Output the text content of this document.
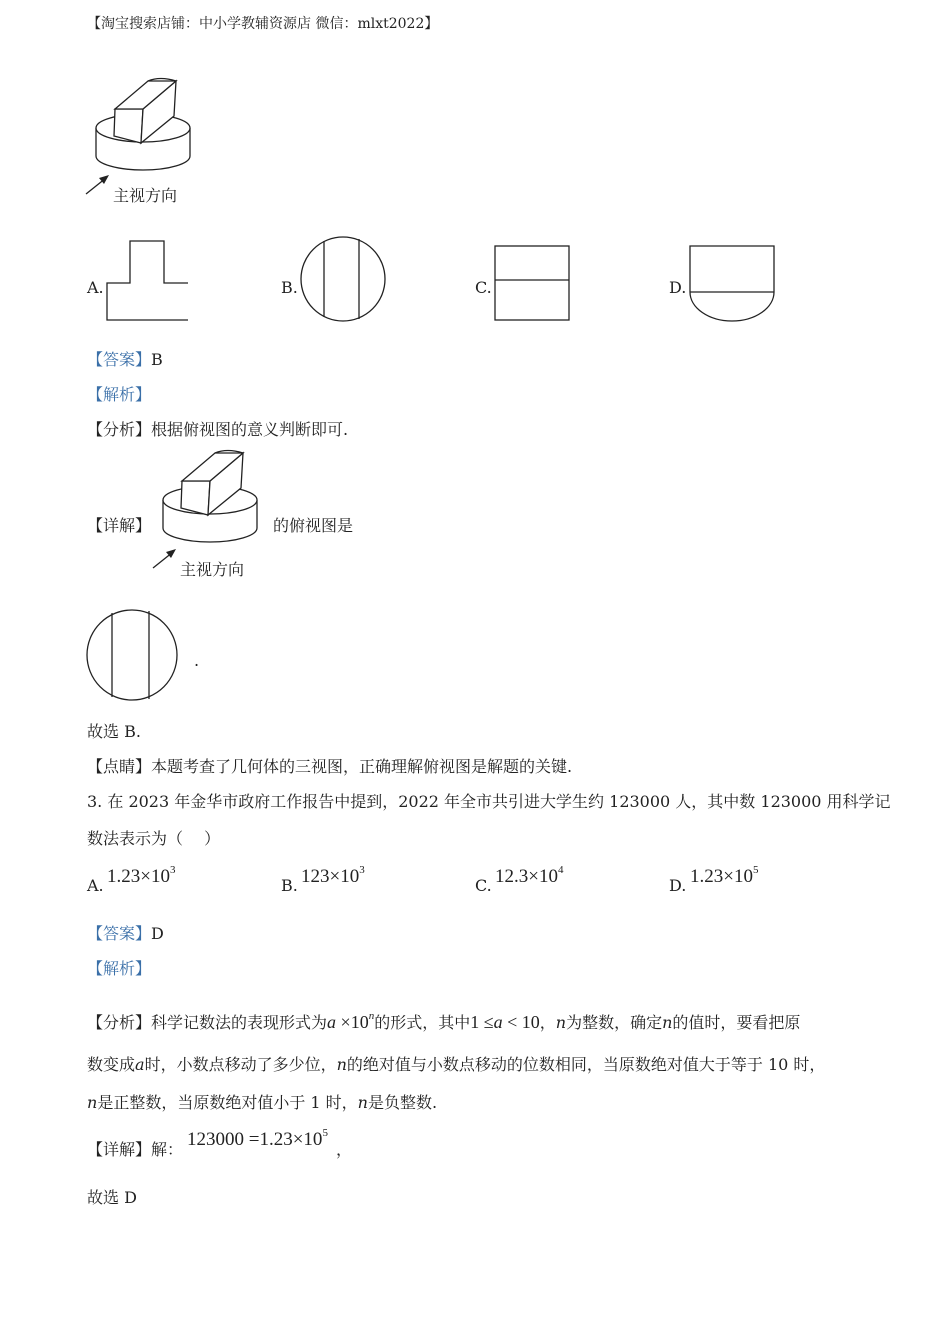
【淘宝搜索店铺：中小学教辅资源店 微信：mlxt2022】
主视方向
A.	B.	C.	D.
【答案】B
【解析】
【分析】根据俯视图的意义判断即可.
【详解】	的俯视图是
主视方向
.
故选 B.
【点睛】本题考查了几何体的三视图，正确理解俯视图是解题的关键.
3. 在 2023 年金华市政府工作报告中提到，2022 年全市共引进大学生约 123000 人，其中数 123000 用科学记
数法表示为（　 ）
A. $1.23\times 10^3$
B. $123\times 10^3$
C. $12.3\times 10^4$
D. $1.23\times 10^5$
【答案】D
【解析】
【分析】科学记数法的表现形式为$a \times 10^n$的形式，其中1 ≤a < 10，n为整数，确定n的值时，要看把原
数变成a时，小数点移动了多少位，n的绝对值与小数点移动的位数相同，当原数绝对值大于等于 10 时，
n是正整数，当原数绝对值小于 1 时，n是负整数.
【详解】解： $123000 =1.23\times 10^5$
，
故选 D
